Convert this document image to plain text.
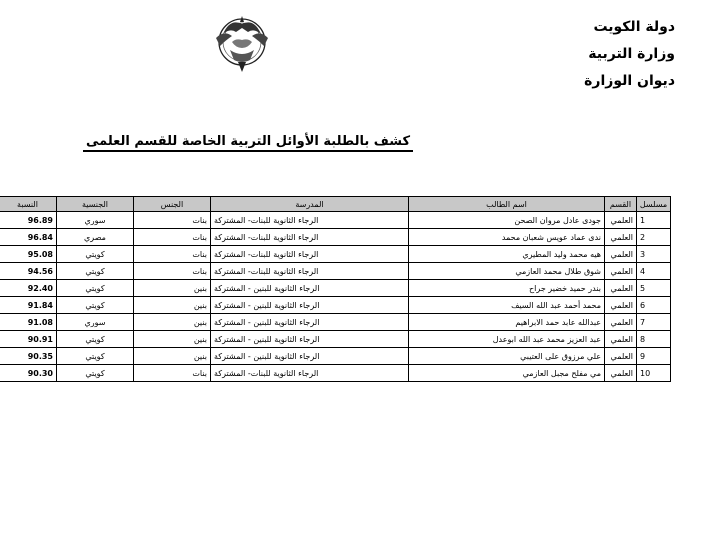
دولة الكويت
وزارة التربية
ديوان الوزارة
كشف بالطلبة الأوائل التربية الخاصة للقسم العلمى
مسلسل	القسم	اسم الطالب	المدرسة	الجنس	الجنسية	النسبة
1	العلمي	جودى عادل مروان الصحن	الرجاء الثانوية للبنات- المشتركة	بنات	سوري	96.89
2	العلمي	ندى عماد عويس شعبان محمد	الرجاء الثانوية للبنات- المشتركة	بنات	مصري	96.84
3	العلمي	هيه محمد وليد المطيري	الرجاء الثانوية للبنات- المشتركة	بنات	كويتي	95.08
4	العلمي	شوق طلال محمد العازمي	الرجاء الثانوية للبنات- المشتركة	بنات	كويتي	94.56
5	العلمي	بندر حميد خضير جراح	الرجاء الثانوية للبنين - المشتركة	بنين	كويتي	92.40
6	العلمي	محمد أحمد عبد الله السيف	الرجاء الثانوية للبنين - المشتركة	بنين	كويتي	91.84
7	العلمي	عبدالله عابد حمد الابراهيم	الرجاء الثانوية للبنين - المشتركة	بنين	سوري	91.08
8	العلمي	عبد العزيز محمد عبد الله ابوعدل	الرجاء الثانوية للبنين - المشتركة	بنين	كويتي	90.91
9	العلمي	علي مرزوق على العتيبي	الرجاء الثانوية للبنين - المشتركة	بنين	كويتي	90.35
10	العلمي	مي مفلح مجبل العازمي	الرجاء الثانوية للبنات- المشتركة	بنات	كويتي	90.30
